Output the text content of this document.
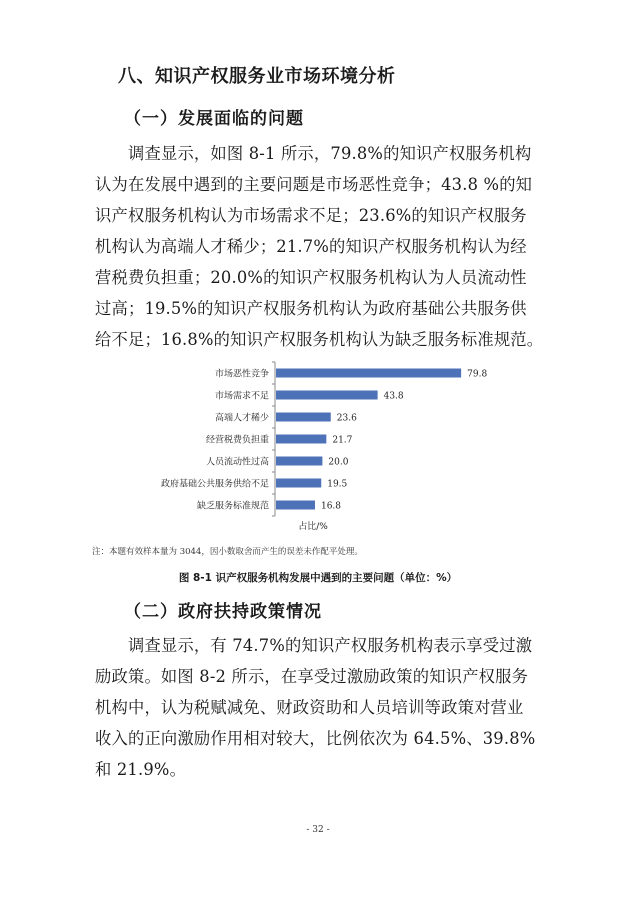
八、知识产权服务业市场环境分析
（一）发展面临的问题
调查显示，如图 8-1 所示，79.8%的知识产权服务机构
认为在发展中遇到的主要问题是市场恶性竞争；43.8 %的知
识产权服务机构认为市场需求不足；23.6%的知识产权服务
机构认为高端人才稀少；21.7%的知识产权服务机构认为经
营税费负担重；20.0%的知识产权服务机构认为人员流动性
过高；19.5%的知识产权服务机构认为政府基础公共服务供
给不足；16.8%的知识产权服务机构认为缺乏服务标准规范。
市场恶性竞争	79.8
市场需求不足	43.8
高端人才稀少	23.6
经营税费负担重	21.7
人员流动性过高	20.0
政府基础公共服务供给不足	19.5
缺乏服务标准规范	16.8
占比/%

注：本题有效样本量为 3044，因小数取舍而产生的误差未作配平处理。

图 8-1 识产权服务机构发展中遇到的主要问题（单位：%）

（二）政府扶持政策情况
调查显示，有 74.7%的知识产权服务机构表示享受过激
励政策。如图 8-2 所示，在享受过激励政策的知识产权服务
机构中，认为税赋减免、财政资助和人员培训等政策对营业
收入的正向激励作用相对较大，比例依次为 64.5%、39.8%
和 21.9%。
- 32 -
